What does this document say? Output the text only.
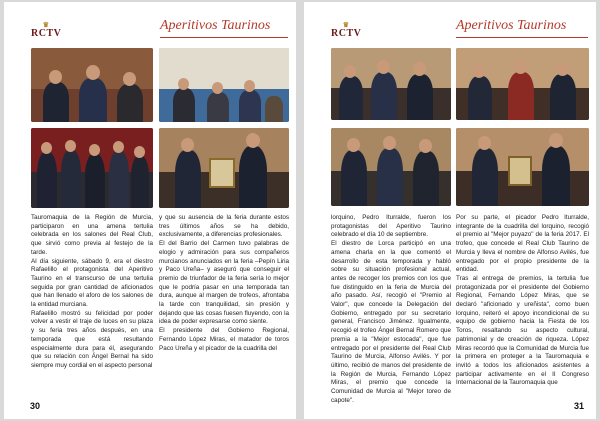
♛
RCTV
Aperitivos Taurinos
Tauromaquia de la Región de Murcia, participaron en una amena tertulia celebrada en los salones del Real Club, que sirvió como previa al festejo de la tarde.
Al día siguiente, sábado 9, era el diestro Rafaelillo el protagonista del Aperitivo Taurino en el transcurso de una tertulia seguida por gran cantidad de aficionados que han llenado el aforo de los salones de la entidad murciana.
Rafaelillo mostró su felicidad por poder volver a vestir el traje de luces en su plaza y su feria tres años después, en una temporada que está resultando especialmente dura para él, asegurando que su relación con Ángel Bernal ha sido siempre muy cordial en el aspecto personal
y que su ausencia de la feria durante estos tres últimos años se ha debido, exclusivamente, a diferencias profesionales.
El del Barrio del Carmen tuvo palabras de elogio y admiración para sus compañeros murcianos anunciados en la feria –Pepín Liria y Paco Ureña– y aseguró que conseguir el premio de triunfador de la feria sería lo mejor que le podría pasar en una temporada tan dura, aunque al margen de trofeos, afrontaba la tarde con tranquilidad, sin presión y dejando que las cosas fuesen fluyendo, con la idea de poder expresarse como siente.
El presidente del Gobierno Regional, Fernando López Miras, el matador de toros Paco Ureña y el picador de la cuadrilla del
30
♛
RCTV
Aperitivos Taurinos
lorquino, Pedro Iturralde, fueron los protagonistas del Aperitivo Taurino celebrado el día 10 de septiembre.
El diestro de Lorca participó en una amena charla en la que comentó el desarrollo de esta temporada y habló sobre su situación profesional actual, antes de recoger los premios con los que fue distinguido en la feria de Murcia del año pasado. Así, recogió el "Premio al Valor", que concede la Delegación del Gobierno, entregado por su secretario general, Francisco Jiménez. Igualmente, recogió el trofeo Ángel Bernal Romero que premia a la "Mejor estocada", que fue entregado por el presidente del Real Club Taurino de Murcia, Alfonso Avilés. Y por último, recibió de manos del presidente de la Región de Murcia, Fernando López Miras, el premio que concede la Comunidad de Murcia al "Mejor toreo de capote".
Por su parte, el picador Pedro Iturralde, integrante de la cuadrilla del lorquino, recogió el premio al "Mejor puyazo" de la feria 2017. El trofeo, que concede el Real Club Taurino de Murcia y lleva el nombre de Alfonso Avilés, fue entregado por el propio presidente de la entidad.
Tras al entrega de premios, la tertulia fue protagonizada por el presidente del Gobierno Regional, Fernando López Miras, que se declaró "aficionado y ureñista", como buen lorquino, reiteró el apoyo incondicional de su equipo de gobierno hacia la Fiesta de los Toros, resaltando su aspecto cultural, patrimonial y de creación de riqueza. López Miras recordó que la Comunidad de Murcia fue la primera en proteger a la Tauromaquia e invitó a todos los aficionados asistentes a participar activamente en el II Congreso Internacional de la Tauromaquia que
31
